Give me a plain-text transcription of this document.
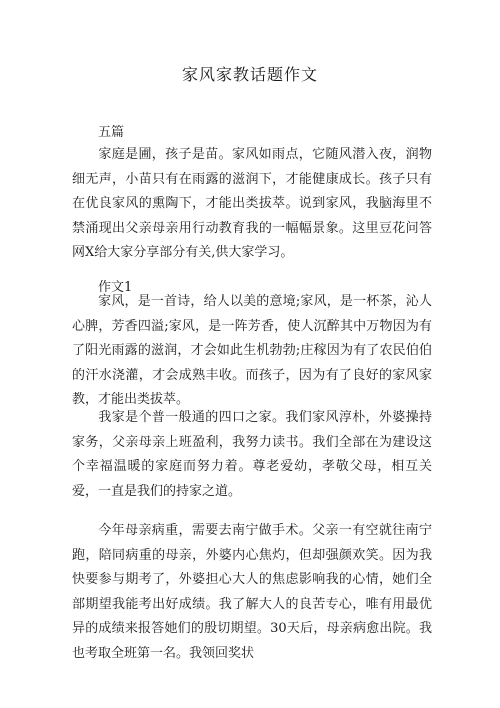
家风家教话题作文
五篇

家庭是圃，孩子是苗。家风如雨点，它随风潜入夜，润物细无声，小苗只有在雨露的滋润下，才能健康成长。孩子只有在优良家风的熏陶下，才能出类拔萃。说到家风，我脑海里不禁涌现出父亲母亲用行动教育我的一幅幅景象。这里豆花问答网X给大家分享部分有关,供大家学习。

作文1

家风，是一首诗，给人以美的意境;家风，是一杯茶，沁人心脾，芳香四溢;家风，是一阵芳香，使人沉醉其中万物因为有了阳光雨露的滋润，才会如此生机勃勃;庄稼因为有了农民伯伯的汗水浇灌，才会成熟丰收。而孩子，因为有了良好的家风家教，才能出类拔萃。

我家是个普一般通的四口之家。我们家风淳朴，外婆操持家务，父亲母亲上班盈利，我努力读书。我们全部在为建设这个幸福温暖的家庭而努力着。尊老爱幼，孝敬父母，相互关爱，一直是我们的持家之道。

今年母亲病重，需要去南宁做手术。父亲一有空就往南宁跑，陪同病重的母亲，外婆内心焦灼，但却强颜欢笑。因为我快要参与期考了，外婆担心大人的焦虑影响我的心情，她们全部期望我能考出好成绩。我了解大人的良苦专心，唯有用最优异的成绩来报答她们的殷切期望。30天后，母亲病愈出院。我也考取全班第一名。我领回奖状
